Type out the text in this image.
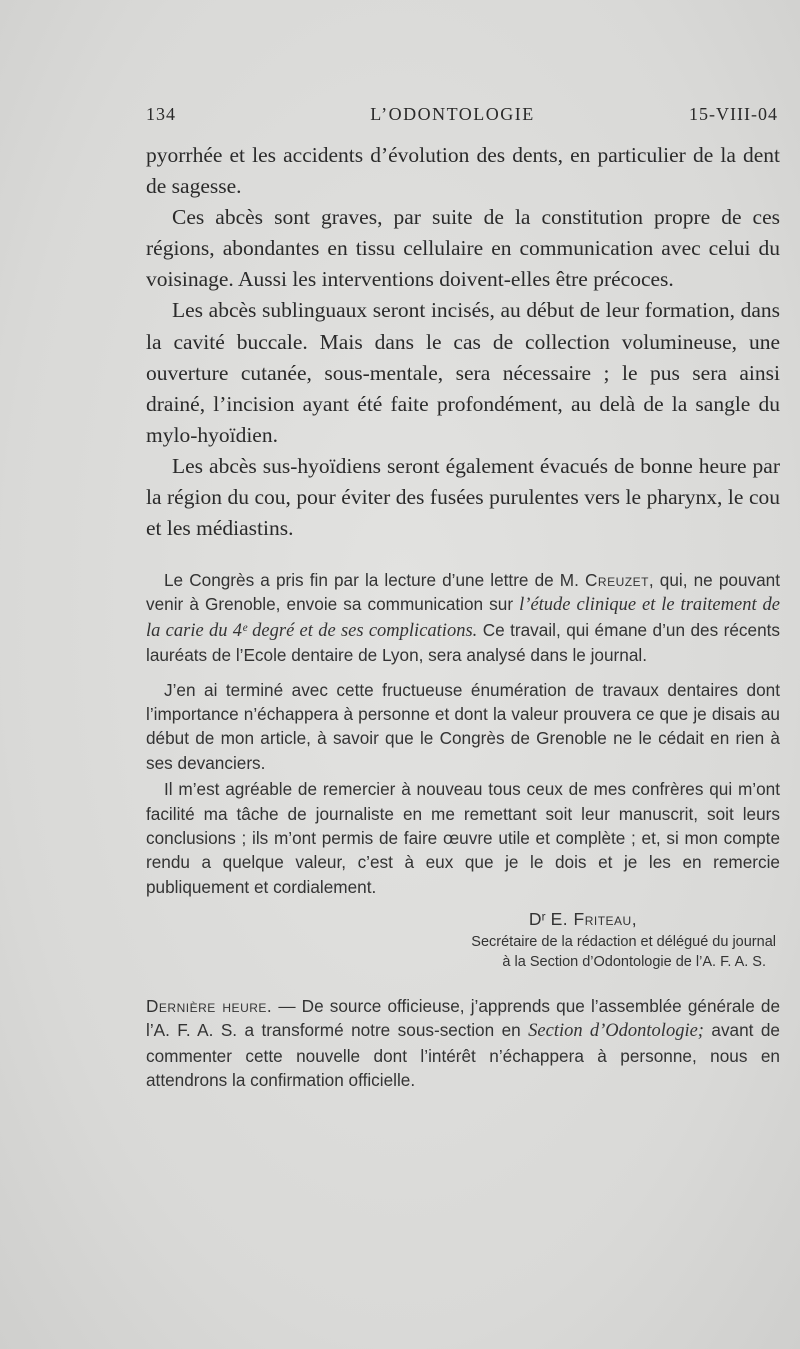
134	L’ODONTOLOGIE	15-VIII-04

pyorrhée et les accidents d’évolution des dents, en particulier de la dent de sagesse.

Ces abcès sont graves, par suite de la constitution propre de ces régions, abondantes en tissu cellulaire en communication avec celui du voisinage. Aussi les interventions doivent-elles être précoces.

Les abcès sublinguaux seront incisés, au début de leur formation, dans la cavité buccale. Mais dans le cas de collection volumineuse, une ouverture cutanée, sous-mentale, sera nécessaire ; le pus sera ainsi drainé, l’incision ayant été faite profondément, au delà de la sangle du mylo-hyoïdien.

Les abcès sus-hyoïdiens seront également évacués de bonne heure par la région du cou, pour éviter des fusées purulentes vers le pharynx, le cou et les médiastins.

Le Congrès a pris fin par la lecture d’une lettre de M. Creuzet, qui, ne pouvant venir à Grenoble, envoie sa communication sur l’étude clinique et le traitement de la carie du 4ᵉ degré et de ses complications. Ce travail, qui émane d’un des récents lauréats de l’Ecole dentaire de Lyon, sera analysé dans le journal.

J’en ai terminé avec cette fructueuse énumération de travaux dentaires dont l’importance n’échappera à personne et dont la valeur prouvera ce que je disais au début de mon article, à savoir que le Congrès de Grenoble ne le cédait en rien à ses devanciers.

Il m’est agréable de remercier à nouveau tous ceux de mes confrères qui m’ont facilité ma tâche de journaliste en me remettant soit leur manuscrit, soit leurs conclusions ; ils m’ont permis de faire œuvre utile et complète ; et, si mon compte rendu a quelque valeur, c’est à eux que je le dois et je les en remercie publiquement et cordialement.

Dʳ E. Friteau,
Secrétaire de la rédaction et délégué du journal
à la Section d’Odontologie de l’A. F. A. S.

Dernière heure. — De source officieuse, j’apprends que l’assemblée générale de l’A. F. A. S. a transformé notre sous-section en Section d’Odontologie; avant de commenter cette nouvelle dont l’intérêt n’échappera à personne, nous en attendrons la confirmation officielle.
